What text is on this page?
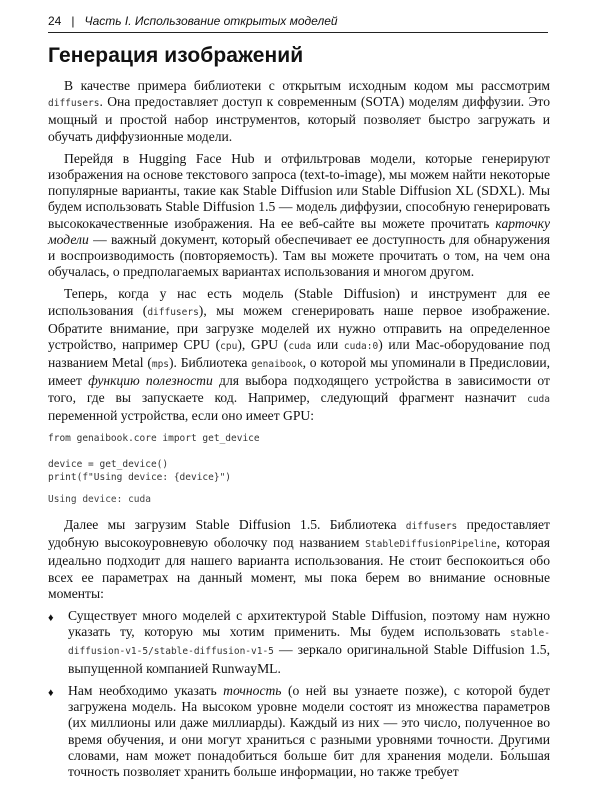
24 | Часть I. Использование открытых моделей
Генерация изображений

В качестве примера библиотеки с открытым исходным кодом мы рассмотрим diffusers. Она предоставляет доступ к современным (SOTA) моделям диффузии. Это мощный и простой набор инструментов, который позволяет быстро загружать и обучать диффузионные модели.

Перейдя в Hugging Face Hub и отфильтровав модели, которые генерируют изображения на основе текстового запроса (text-to-image), мы можем найти некоторые популярные варианты, такие как Stable Diffusion или Stable Diffusion XL (SDXL). Мы будем использовать Stable Diffusion 1.5 — модель диффузии, способную генерировать высококачественные изображения. На ее веб-сайте вы можете прочитать карточку модели — важный документ, который обеспечивает ее доступность для обнаружения и воспроизводимость (повторяемость). Там вы можете прочитать о том, на чем она обучалась, о предполагаемых вариантах использования и многом другом.

Теперь, когда у нас есть модель (Stable Diffusion) и инструмент для ее использования (diffusers), мы можем сгенерировать наше первое изображение. Обратите внимание, при загрузке моделей их нужно отправить на определенное устройство, например CPU (cpu), GPU (cuda или cuda:0) или Mac-оборудование под названием Metal (mps). Библиотека genaibook, о которой мы упоминали в Предисловии, имеет функцию полезности для выбора подходящего устройства в зависимости от того, где вы запускаете код. Например, следующий фрагмент назначит cuda переменной устройства, если оно имеет GPU:

from genaibook.core import get_device
device = get_device()
print(f"Using device: {device}")
Using device: cuda

Далее мы загрузим Stable Diffusion 1.5. Библиотека diffusers предоставляет удобную высокоуровневую оболочку под названием StableDiffusionPipeline, которая идеально подходит для нашего варианта использования. Не стоит беспокоиться обо всех ее параметрах на данный момент, мы пока берем во внимание основные моменты:

♦ Существует много моделей с архитектурой Stable Diffusion, поэтому нам нужно указать ту, которую мы хотим применить. Мы будем использовать stable-diffusion-v1-5/stable-diffusion-v1-5 — зеркало оригинальной Stable Diffusion 1.5, выпущенной компанией RunwayML.
♦ Нам необходимо указать точность (о ней вы узнаете позже), с которой будет загружена модель. На высоком уровне модели состоят из множества параметров (их миллионы или даже миллиарды). Каждый из них — это число, полученное во время обучения, и они могут храниться с разными уровнями точности. Другими словами, нам может понадобиться больше бит для хранения модели. Бо́льшая точность позволяет хранить больше информации, но также требует
